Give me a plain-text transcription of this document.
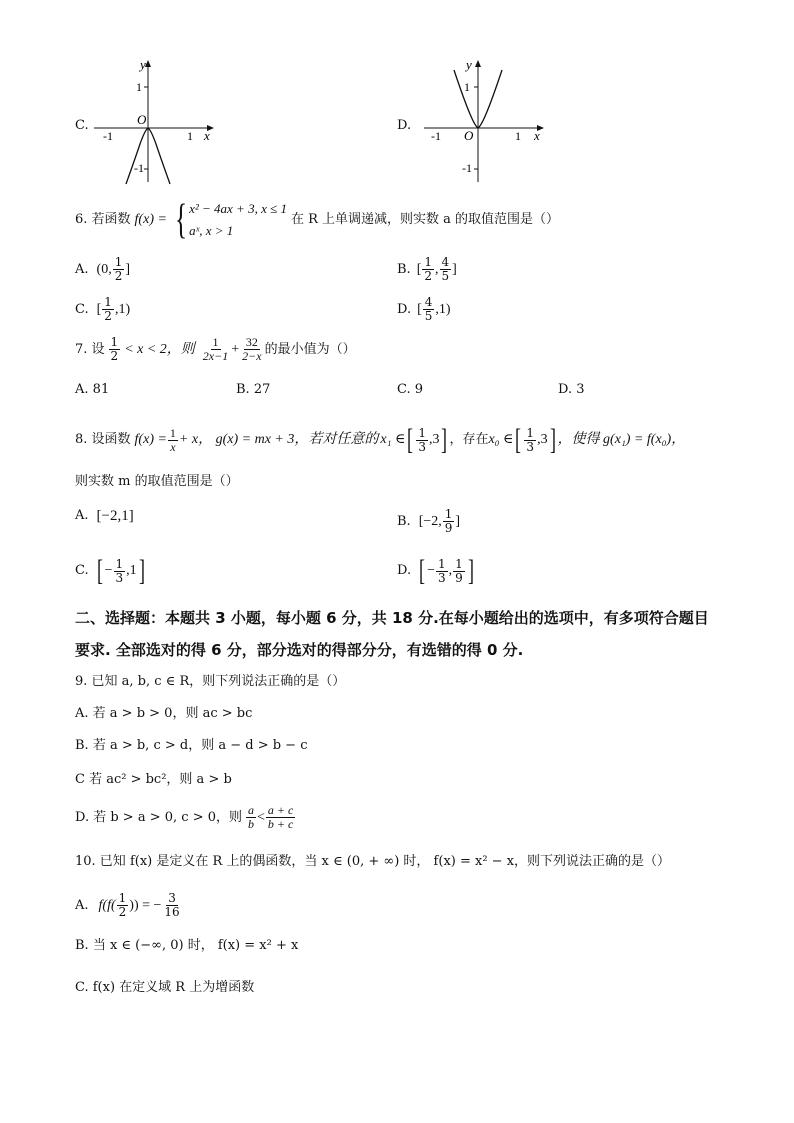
C.
y
x
O
1
-1
-1	1
D.
y
x
O
1
-1
-1	1
6. 若函数 f(x) = { x² − 4ax + 3, x ≤ 1
aˣ, x > 1
在 R 上单调递减，则实数 a 的取值范围是（）
A. (0, $\frac{1}{2}$ ]	B. [ $\frac{1}{2}$ , $\frac{4}{5}$ ]
C. [ $\frac{1}{2} ,1$)	D. [ $\frac{4}{5} ,1$)
7. 设 $\frac{1}{2} < x < 2$，则 $\frac{1}{2x-1} + \frac{32}{2-x}$ 的最小值为（）
A. 81	B. 27	C. 9	D. 3
8. 设函数 $f(x) = \frac{1}{x} + x$ ， g(x) = mx + 3，若对任意的 x₁ ∈ [ $\frac{1}{3} ,3$ ] ，存在 x₀ ∈ [ $\frac{1}{3} ,3$ ] ，使得 g(x₁) = f(x₀)，
则实数 m 的取值范围是（）
A. [−2,1]	B. [−2, $\frac{1}{9}$ ]
C. [ − $\frac{1}{3} ,1$ ]	D. [ − $\frac{1}{3}$ , $\frac{1}{9}$ ]
二、选择题：本题共 3 小题，每小题 6 分，共 18 分.在每小题给出的选项中，有多项符合题目
要求. 全部选对的得 6 分，部分选对的得部分分，有选错的得 0 分.
9. 已知 a, b, c ∈ R，则下列说法正确的是（）
A. 若 a > b > 0，则 ac > bc
B. 若 a > b, c > d，则 a − d > b − c
C 若 ac² > bc²，则 a > b
D. 若 b > a > 0, c > 0，则 $\frac{a}{b} < \frac{a + c}{b + c}$
10. 已知 f(x) 是定义在 R 上的偶函数，当 x ∈ (0, + ∞) 时， f(x) = x² − x，则下列说法正确的是（）
A. $f(f( \frac{1}{2}$ )) = − $\frac{3}{16}$
B. 当 x ∈ (−∞, 0) 时， f(x) = x² + x
C. f(x) 在定义域 R 上为增函数
